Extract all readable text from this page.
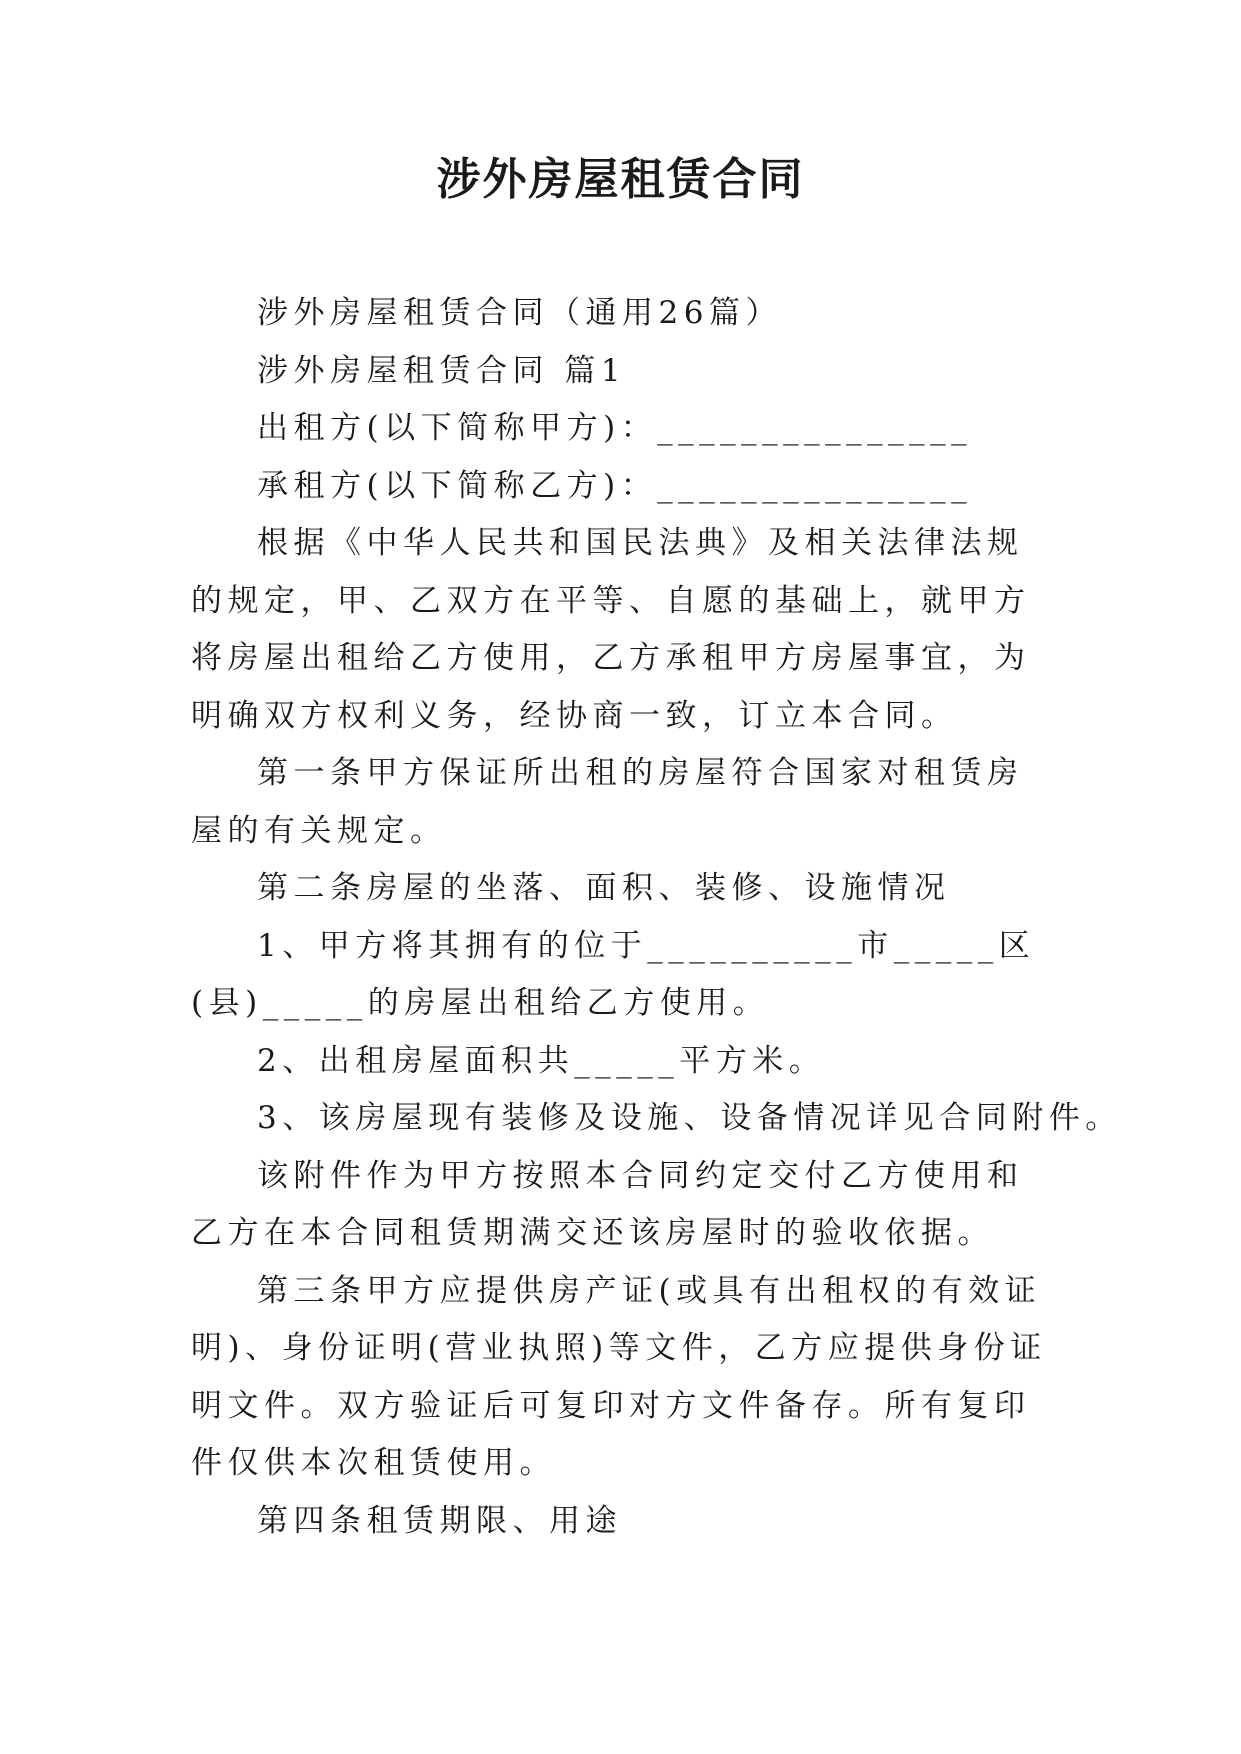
涉外房屋租赁合同

涉外房屋租赁合同（通用26篇）

涉外房屋租赁合同 篇1

出租方(以下简称甲方)：_______________

承租方(以下简称乙方)：_______________

根据《中华人民共和国民法典》及相关法律法规的规定，甲、乙双方在平等、自愿的基础上，就甲方将房屋出租给乙方使用，乙方承租甲方房屋事宜，为明确双方权利义务，经协商一致，订立本合同。

第一条甲方保证所出租的房屋符合国家对租赁房屋的有关规定。

第二条房屋的坐落、面积、装修、设施情况

1、甲方将其拥有的位于__________市_____区(县)_____的房屋出租给乙方使用。

2、出租房屋面积共_____平方米。

3、该房屋现有装修及设施、设备情况详见合同附件。

该附件作为甲方按照本合同约定交付乙方使用和乙方在本合同租赁期满交还该房屋时的验收依据。

第三条甲方应提供房产证(或具有出租权的有效证明)、身份证明(营业执照)等文件，乙方应提供身份证明文件。双方验证后可复印对方文件备存。所有复印件仅供本次租赁使用。

第四条租赁期限、用途
